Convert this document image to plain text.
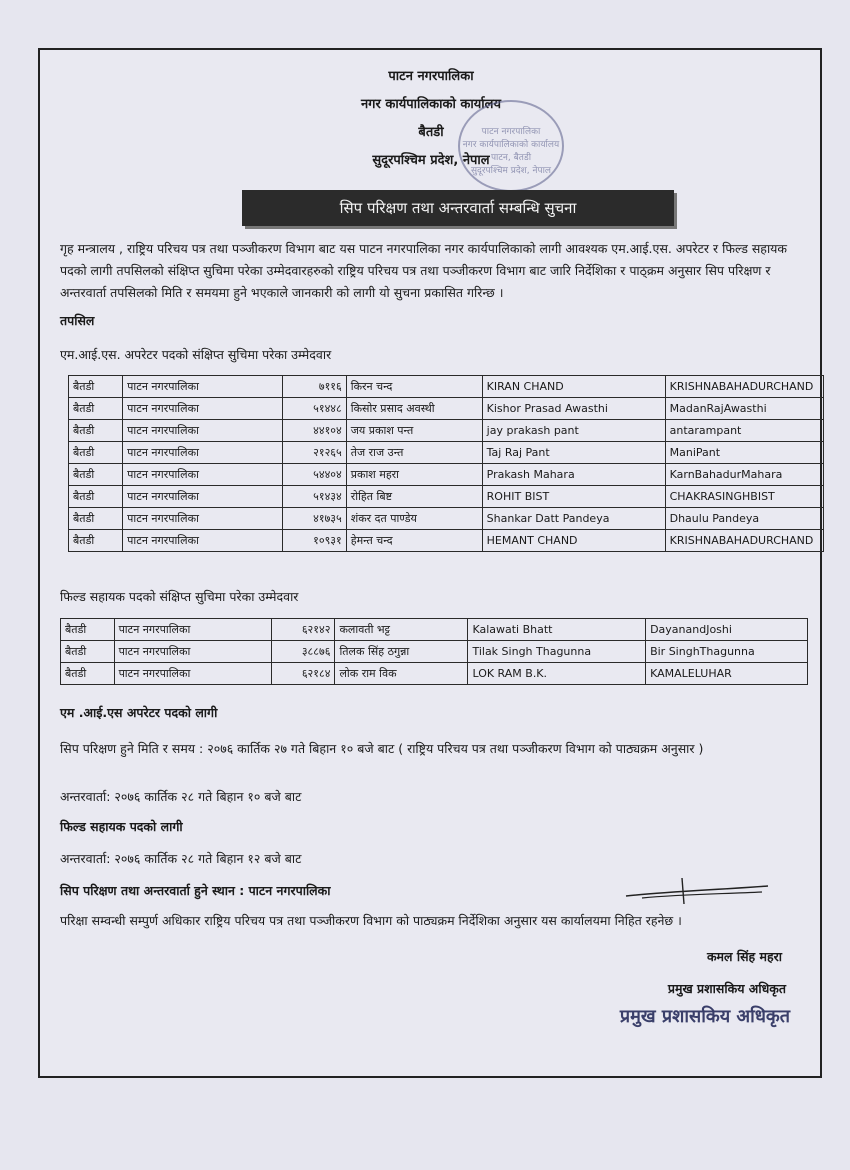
पाटन नगरपालिका
नगर कार्यपालिकाको कार्यालय
बैतडी
सुदूरपश्चिम प्रदेश, नेपाल
पाटन नगरपालिका
नगर कार्यपालिकाको कार्यालय
पाटन, बैतडी
सुदूरपश्चिम प्रदेश, नेपाल
सिप परिक्षण तथा अन्तरवार्ता सम्बन्धि सुचना
गृह मन्त्रालय , राष्ट्रिय परिचय पत्र तथा पञ्जीकरण विभाग बाट यस पाटन नगरपालिका नगर कार्यपालिकाको लागी आवश्यक एम.आई.एस. अपरेटर र फिल्ड सहायक पदको लागी तपसिलको संक्षिप्त सुचिमा परेका उम्मेदवारहरुको राष्ट्रिय परिचय पत्र तथा पञ्जीकरण विभाग बाट जारि निर्देशिका र पाठ्क्रम अनुसार सिप परिक्षण र अन्तरवार्ता तपसिलको मिति र समयमा हुने भएकाले जानकारी को लागी यो सुचना प्रकासित गरिन्छ ।
तपसिल
एम.आई.एस. अपरेटर पदको संक्षिप्त सुचिमा परेका उम्मेदवार
बैतडी	पाटन नगरपालिका	७११६	किरन चन्द	KIRAN CHAND	KRISHNABAHADURCHAND
बैतडी	पाटन नगरपालिका	५१४४८	किसोर प्रसाद अवस्थी	Kishor Prasad Awasthi	MadanRajAwasthi
बैतडी	पाटन नगरपालिका	४४१०४	जय प्रकाश पन्त	jay prakash pant	antarampant
बैतडी	पाटन नगरपालिका	२१२६५	तेज राज उन्त	Taj Raj Pant	ManiPant
बैतडी	पाटन नगरपालिका	५४४०४	प्रकाश महरा	Prakash Mahara	KarnBahadurMahara
बैतडी	पाटन नगरपालिका	५१४३४	रोहित बिष्ट	ROHIT BIST	CHAKRASINGHBIST
बैतडी	पाटन नगरपालिका	४१७३५	शंकर दत पाण्डेय	Shankar Datt Pandeya	Dhaulu Pandeya
बैतडी	पाटन नगरपालिका	१०९३१	हेमन्त चन्द	HEMANT CHAND	KRISHNABAHADURCHAND
फिल्ड सहायक पदको संक्षिप्त सुचिमा परेका उम्मेदवार
बैतडी	पाटन नगरपालिका	६२१४२	कलावती भट्ट	Kalawati Bhatt	DayanandJoshi
बैतडी	पाटन नगरपालिका	३८८७६	तिलक सिंह ठगुन्ना	Tilak Singh Thagunna	Bir SinghThagunna
बैतडी	पाटन नगरपालिका	६२१८४	लोक राम विक	LOK RAM B.K.	KAMALELUHAR
एम .आई.एस अपरेटर पदको लागी
सिप परिक्षण हुने मिति र समय : २०७६ कार्तिक २७ गते बिहान १० बजे बाट ( राष्ट्रिय परिचय पत्र तथा पञ्जीकरण विभाग को पाठ्यक्रम अनुसार )
अन्तरवार्ता: २०७६ कार्तिक २८ गते बिहान १० बजे बाट
फिल्ड सहायक पदको लागी
अन्तरवार्ता: २०७६ कार्तिक २८ गते बिहान १२ बजे बाट
सिप परिक्षण तथा अन्तरवार्ता हुने स्थान : पाटन नगरपालिका
परिक्षा सम्वन्धी सम्पुर्ण अधिकार राष्ट्रिय परिचय पत्र तथा पञ्जीकरण विभाग को पाठ्यक्रम निर्देशिका अनुसार यस कार्यालयमा निहित रहनेछ ।
कमल सिंह महरा
प्रमुख प्रशासकिय अधिकृत
प्रमुख प्रशासकिय अधिकृत
